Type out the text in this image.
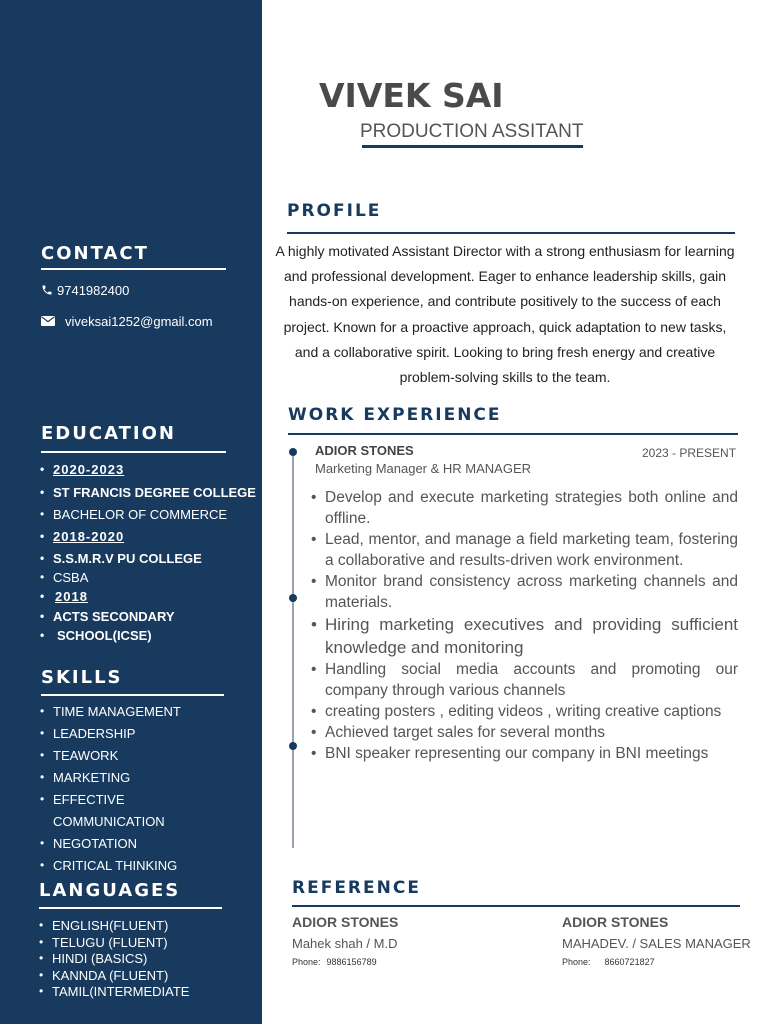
CONTACT
9741982400
viveksai1252@gmail.com
EDUCATION
• 2020-2023
• ST FRANCIS DEGREE COLLEGE
• BACHELOR OF COMMERCE
• 2018-2020
• S.S.M.R.V PU COLLEGE
• CSBA
• 2018
• ACTS SECONDARY
• SCHOOL(ICSE)
SKILLS
• TIME MANAGEMENT
• LEADERSHIP
• TEAWORK
• MARKETING
• EFFECTIVE
COMMUNICATION
• NEGOTATION
• CRITICAL THINKING
LANGUAGES
• ENGLISH(FLUENT)
• TELUGU (FLUENT)
• HINDI (BASICS)
• KANNDA (FLUENT)
• TAMIL(INTERMEDIATE
VIVEK SAI
PRODUCTION ASSITANT
PROFILE

A highly motivated Assistant Director with a strong enthusiasm for learning and professional development. Eager to enhance leadership skills, gain hands-on experience, and contribute positively to the success of each project. Known for a proactive approach, quick adaptation to new tasks, and a collaborative spirit. Looking to bring fresh energy and creative problem-solving skills to the team.

WORK EXPERIENCE
ADIOR STONES
Marketing Manager & HR MANAGER
2023 - PRESENT
• Develop and execute marketing strategies both online and offline.
• Lead, mentor, and manage a field marketing team, fostering a collaborative and results-driven work environment.
• Monitor brand consistency across marketing channels and materials.
• Hiring marketing executives and providing sufficient knowledge and monitoring
• Handling social media accounts and promoting our company through various channels
• creating posters , editing videos , writing creative captions
• Achieved target sales for several months
• BNI speaker representing our company in BNI meetings
REFERENCE
ADIOR STONES
Mahek shah / M.D
Phone: 9886156789
ADIOR STONES
MAHADEV. / SALES MANAGER
Phone: 8660721827
